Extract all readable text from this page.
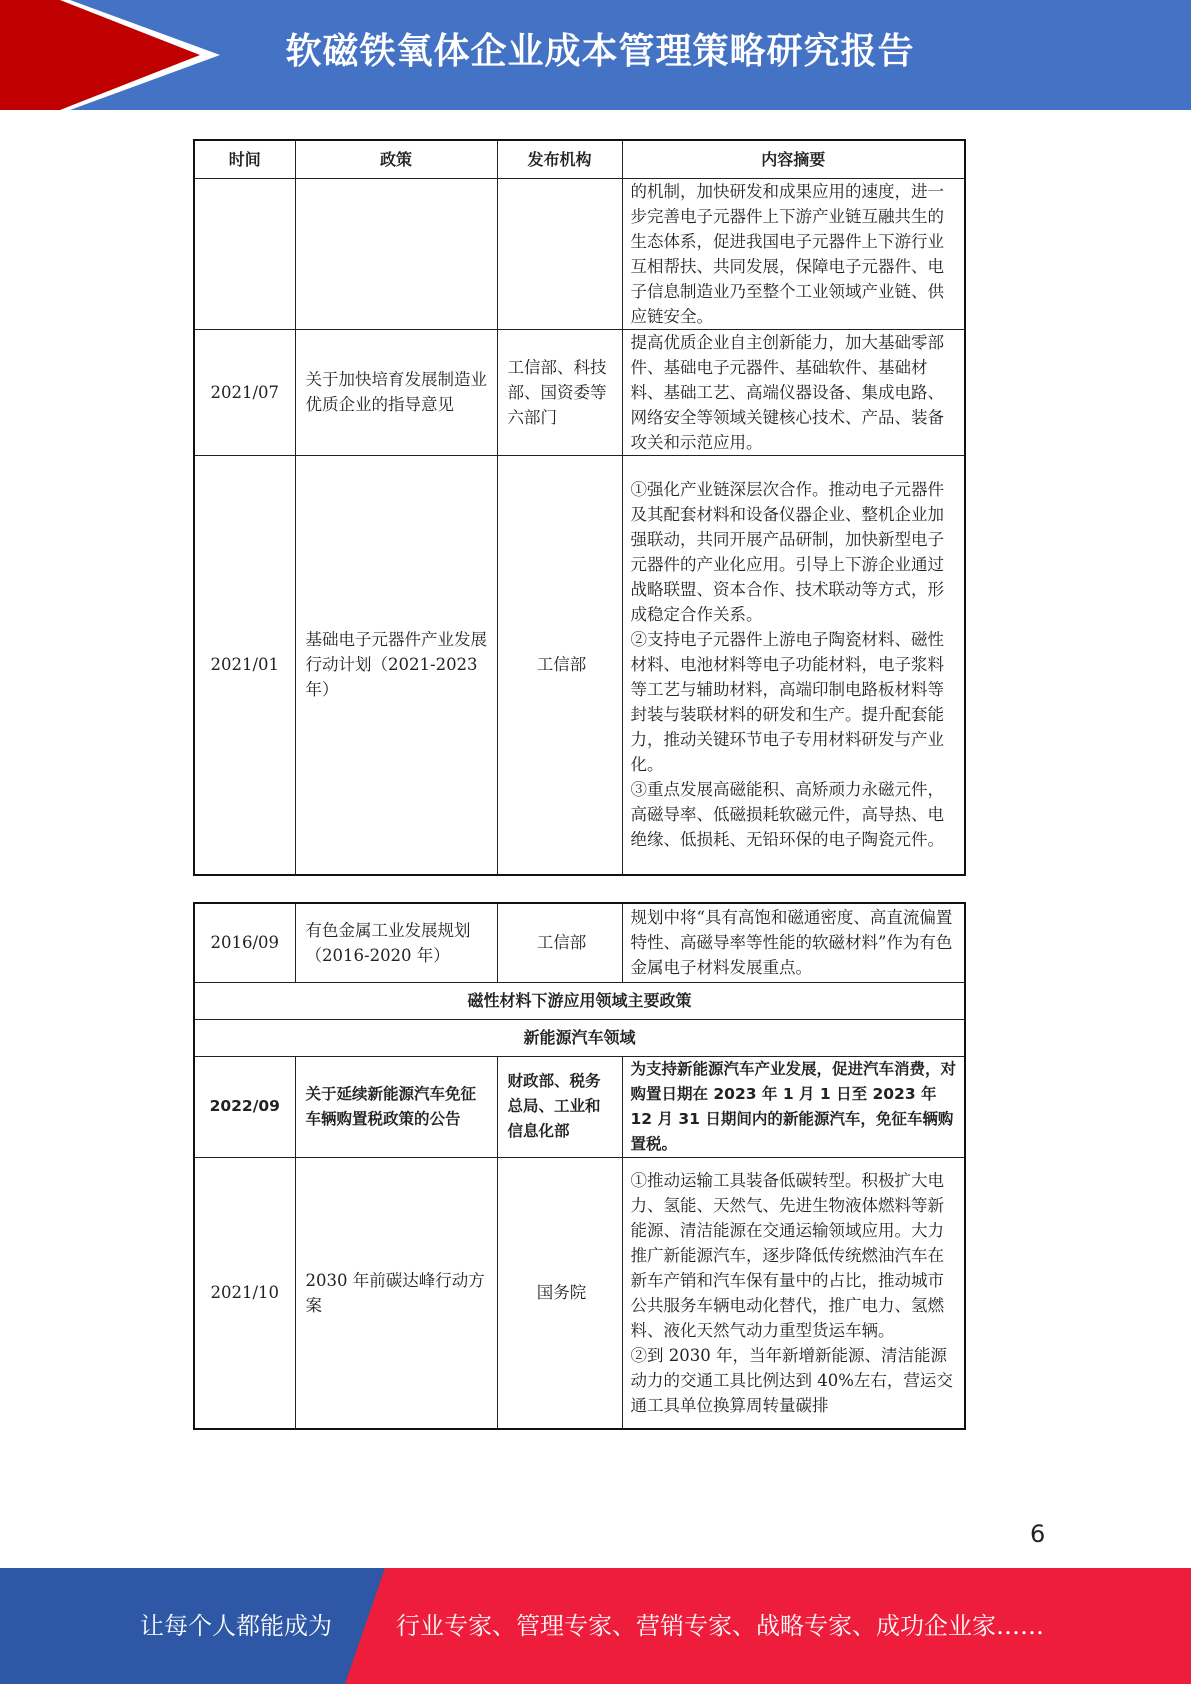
软磁铁氧体企业成本管理策略研究报告
时间	政策	发布机构	内容摘要

			的机制，加快研发和成果应用的速度，进一步完善电子元器件上下游产业链互融共生的生态体系，促进我国电子元器件上下游行业互相帮扶、共同发展，保障电子元器件、电子信息制造业乃至整个工业领域产业链、供应链安全。

2021/07	关于加快培育发展制造业优质企业的指导意见	工信部、科技部、国资委等六部门	提高优质企业自主创新能力，加大基础零部件、基础电子元器件、基础软件、基础材料、基础工艺、高端仪器设备、集成电路、网络安全等领域关键核心技术、产品、装备攻关和示范应用。

2021/01	基础电子元器件产业发展行动计划（2021-2023 年）	工信部	①强化产业链深层次合作。推动电子元器件及其配套材料和设备仪器企业、整机企业加强联动，共同开展产品研制，加快新型电子元器件的产业化应用。引导上下游企业通过战略联盟、资本合作、技术联动等方式，形成稳定合作关系。
②支持电子元器件上游电子陶瓷材料、磁性材料、电池材料等电子功能材料，电子浆料等工艺与辅助材料，高端印制电路板材料等封装与装联材料的研发和生产。提升配套能力，推动关键环节电子专用材料研发与产业化。
③重点发展高磁能积、高矫顽力永磁元件，高磁导率、低磁损耗软磁元件，高导热、电绝缘、低损耗、无铅环保的电子陶瓷元件。
2016/09	有色金属工业发展规划（2016-2020 年）	工信部	规划中将“具有高饱和磁通密度、高直流偏置特性、高磁导率等性能的软磁材料”作为有色金属电子材料发展重点。
磁性材料下游应用领域主要政策			
新能源汽车领域			
2022/09	关于延续新能源汽车免征车辆购置税政策的公告	财政部、税务总局、工业和信息化部	为支持新能源汽车产业发展，促进汽车消费，对购置日期在 2023 年 1 月 1 日至 2023 年 12 月 31 日期间内的新能源汽车，免征车辆购置税。
2021/10	2030 年前碳达峰行动方案	国务院	①推动运输工具装备低碳转型。积极扩大电力、氢能、天然气、先进生物液体燃料等新能源、清洁能源在交通运输领域应用。大力推广新能源汽车，逐步降低传统燃油汽车在新车产销和汽车保有量中的占比，推动城市公共服务车辆电动化替代，推广电力、氢燃料、液化天然气动力重型货运车辆。
②到 2030 年，当年新增新能源、清洁能源动力的交通工具比例达到 40%左右，营运交通工具单位换算周转量碳排
6
让每个人都能成为	行业专家、管理专家、营销专家、战略专家、成功企业家……
